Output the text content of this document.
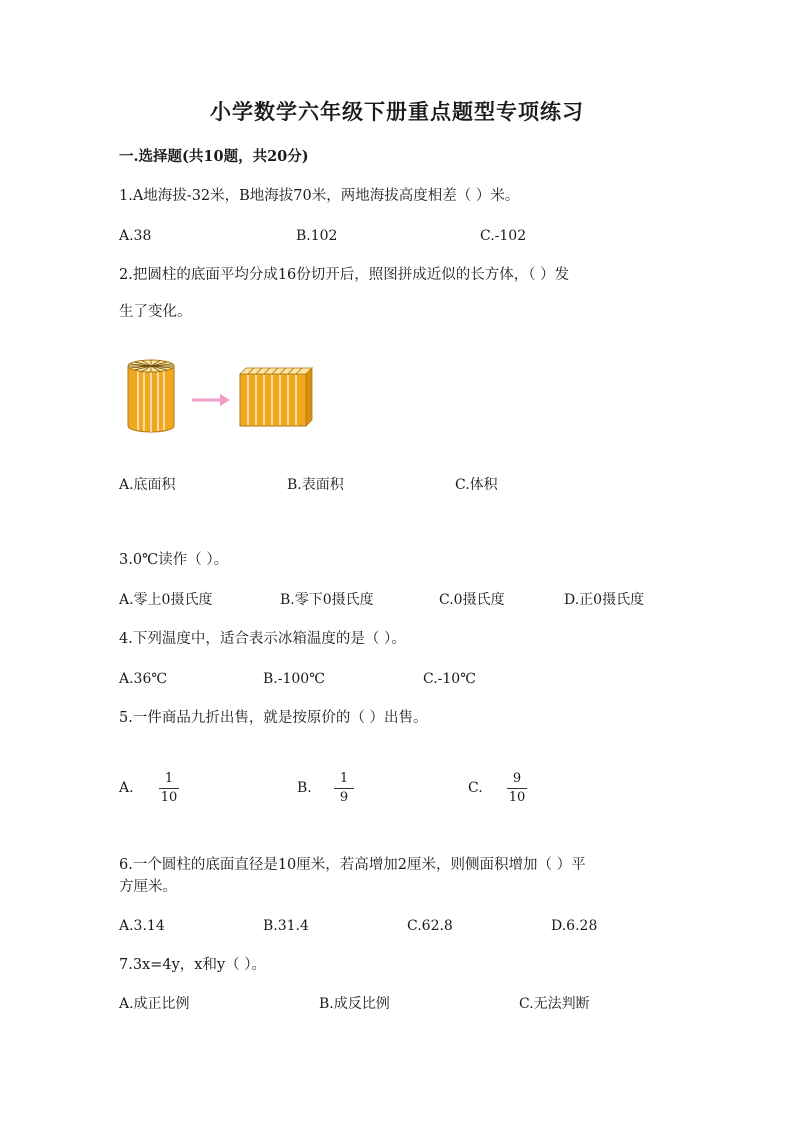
小学数学六年级下册重点题型专项练习

一.选择题(共10题，共20分)

1.A地海拔-32米，B地海拔70米，两地海拔高度相差（ ）米。

A.38	B.102	C.-102

2.把圆柱的底面平均分成16份切开后，照图拼成近似的长方体，（ ）发

生了变化。

A.底面积	B.表面积	C.体积

3.0℃读作（ ）。

A.零上0摄氏度	B.零下0摄氏度	C.0摄氏度	D.正0摄氏度

4.下列温度中，适合表示冰箱温度的是（ ）。

A.36℃	B.-100℃	C.-10℃

5.一件商品九折出售，就是按原价的（ ）出售。

A.
1
10
B.
1
9
C.
9
10

6.一个圆柱的底面直径是10厘米，若高增加2厘米，则侧面积增加（ ）平

方厘米。

A.3.14	B.31.4	C.62.8	D.6.28

7.3x=4y，x和y（ ）。

A.成正比例	B.成反比例	C.无法判断
